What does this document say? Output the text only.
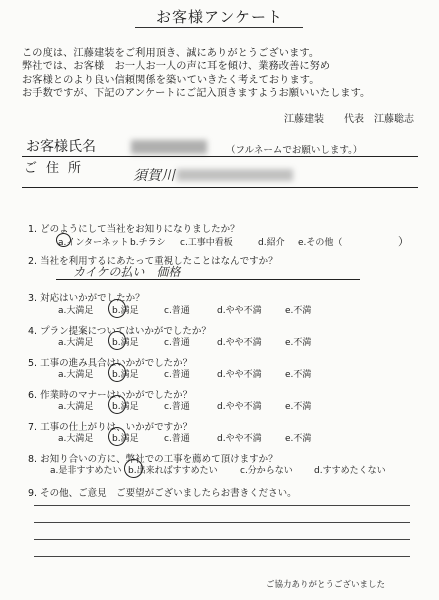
お客様アンケート
この度は、江藤建装をご利用頂き、誠にありがとうございます。
弊社では、お客様　お一人お一人の声に耳を傾け、業務改善に努め
お客様とのより良い信頼関係を築いていきたく考えております。
お手数ですが、下記のアンケートにご記入頂きますようお願いいたします。
江藤建装　　代表　江藤聡志
お客様氏名	（フルネームでお願いします。）
ご住所	須賀川
1. どのようにして当社をお知りになりましたか？
a.インターネット b.チラシ c.工事中看板	d.紹介 e.その他（	）
2. 当社を利用するにあたって重視したことはなんですか？
カイケの払い　価格
3. 対応はいかがでしたか？
a.大満足 b.満足	c.普通	d.やや不満	e.不満
4. プラン提案についてはいかがでしたか？
a.大満足 b.満足	c.普通	d.やや不満	e.不満
5. 工事の進み具合はいかがでしたか？
a.大満足 b.満足	c.普通	d.やや不満	e.不満
6. 作業時のマナーはいかがでしたか？
a.大満足 b.満足	c.普通	d.やや不満	e.不満
7. 工事の仕上がりは、いかがですか？
a.大満足 b.満足	c.普通	d.やや不満	e.不満
8. お知り合いの方に、弊社での工事を薦めて頂けますか？
a.是非すすめたい b.出来ればすすめたい c.分からない d.すすめたくない
9. その他、ご意見　ご要望がございましたらお書きください。
ご協力ありがとうございました
